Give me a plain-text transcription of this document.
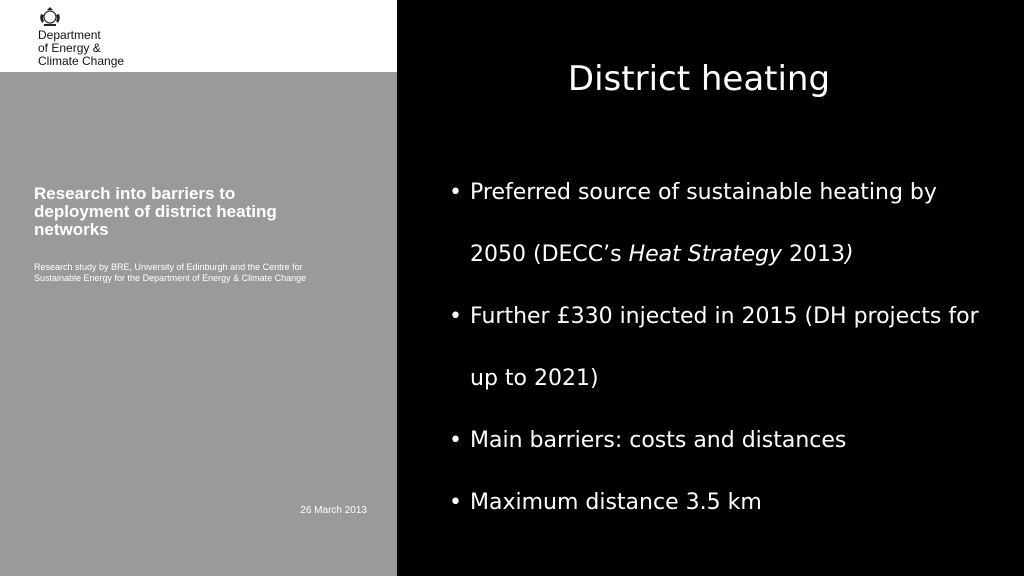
Department
of Energy &
Climate Change
Research into barriers to deployment of district heating networks
Research study by BRE, University of Edinburgh and the Centre for Sustainable Energy for the Department of Energy & Climate Change
26 March 2013
District heating
• Preferred source of sustainable heating by 2050 (DECC’s Heat Strategy 2013)
• Further £330 injected in 2015 (DH projects for up to 2021)
• Main barriers: costs and distances
• Maximum distance 3.5 km
